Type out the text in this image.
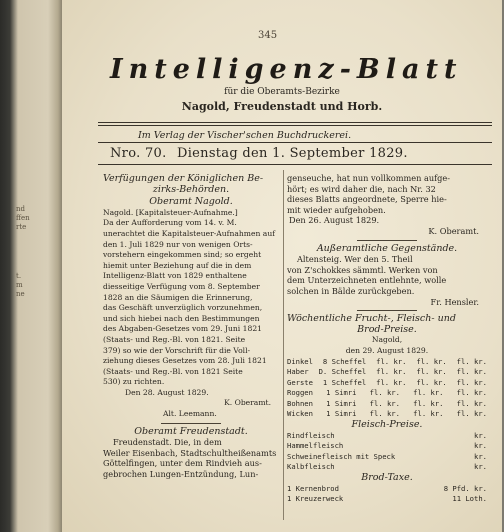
nd
ffen
rte
t.
m
ne
345
Intelligenz-Blatt
für die Oberamts-Bezirke
Nagold, Freudenstadt und Horb.
Im Verlag der Vischer'schen Buchdruckerei.
Nro. 70. Dienstag den 1. September 1829.
Verfügungen der Königlichen Be-
zirks-Behörden.
Oberamt Nagold.
Nagold. [Kapitalsteuer-Aufnahme.]
Da der Aufforderung vom 14. v. M.
unerachtet die Kapitalsteuer-Aufnahmen auf
den 1. Juli 1829 nur von wenigen Orts-
vorstehern eingekommen sind; so ergeht
hiemit unter Beziehung auf die in dem
Intelligenz-Blatt von 1829 enthaltene
diesseitige Verfügung vom 8. September
1828 an die Säumigen die Erinnerung,
das Geschäft unverzüglich vorzunehmen,
und sich hiebei nach den Bestimmungen
des Abgaben-Gesetzes vom 29. Juni 1821
(Staats- und Reg.-Bl. von 1821. Seite
379) so wie der Vorschrift für die Voll-
ziehung dieses Gesetzes vom 28. Juli 1821
(Staats- und Reg.-Bl. von 1821 Seite
530) zu richten.
Den 28. August 1829.
K. Oberamt.
Alt. Leemann.
Oberamt Freudenstadt.
Freudenstadt. Die, in dem
Weiler Eisenbach, Stadtschultheißenamts
Göttelfingen, unter dem Rindvieh aus-
gebrochen Lungen-Entzündung, Lun-
genseuche, hat nun vollkommen aufge-
hört; es wird daher die, nach Nr. 32
dieses Blatts angeordnete, Sperre hie-
mit wieder aufgehoben.
Den 26. August 1829.
K. Oberamt.
Außeramtliche Gegenstände.
Altensteig. Wer den 5. Theil
von Z'schokkes sämmtl. Werken von
dem Unterzeichneten entlehnte, wolle
solchen in Bälde zurückgeben.
Fr. Hensler.
Wöchentliche Frucht-, Fleisch- und
Brod-Preise.
Nagold,
den 29. August 1829.
Dinkel 8 Scheffel fl. kr. fl. kr. fl. kr.
Haber D. Scheffel fl. kr. fl. kr. fl. kr.
Gerste 1 Scheffel fl. kr. fl. kr. fl. kr.
Roggen 1 Simri fl. kr. fl. kr. fl. kr.
Bohnen 1 Simri fl. kr. fl. kr. fl. kr.
Wicken 1 Simri fl. kr. fl. kr. fl. kr.
Fleisch-Preise.
Rindfleisch	kr.
Hammelfleisch	kr.
Schweinefleisch mit Speck	kr.
Kalbfleisch	kr.
Brod-Taxe.
1 Kernenbrod	8 Pfd. kr.
1 Kreuzerweck	11 Loth.
